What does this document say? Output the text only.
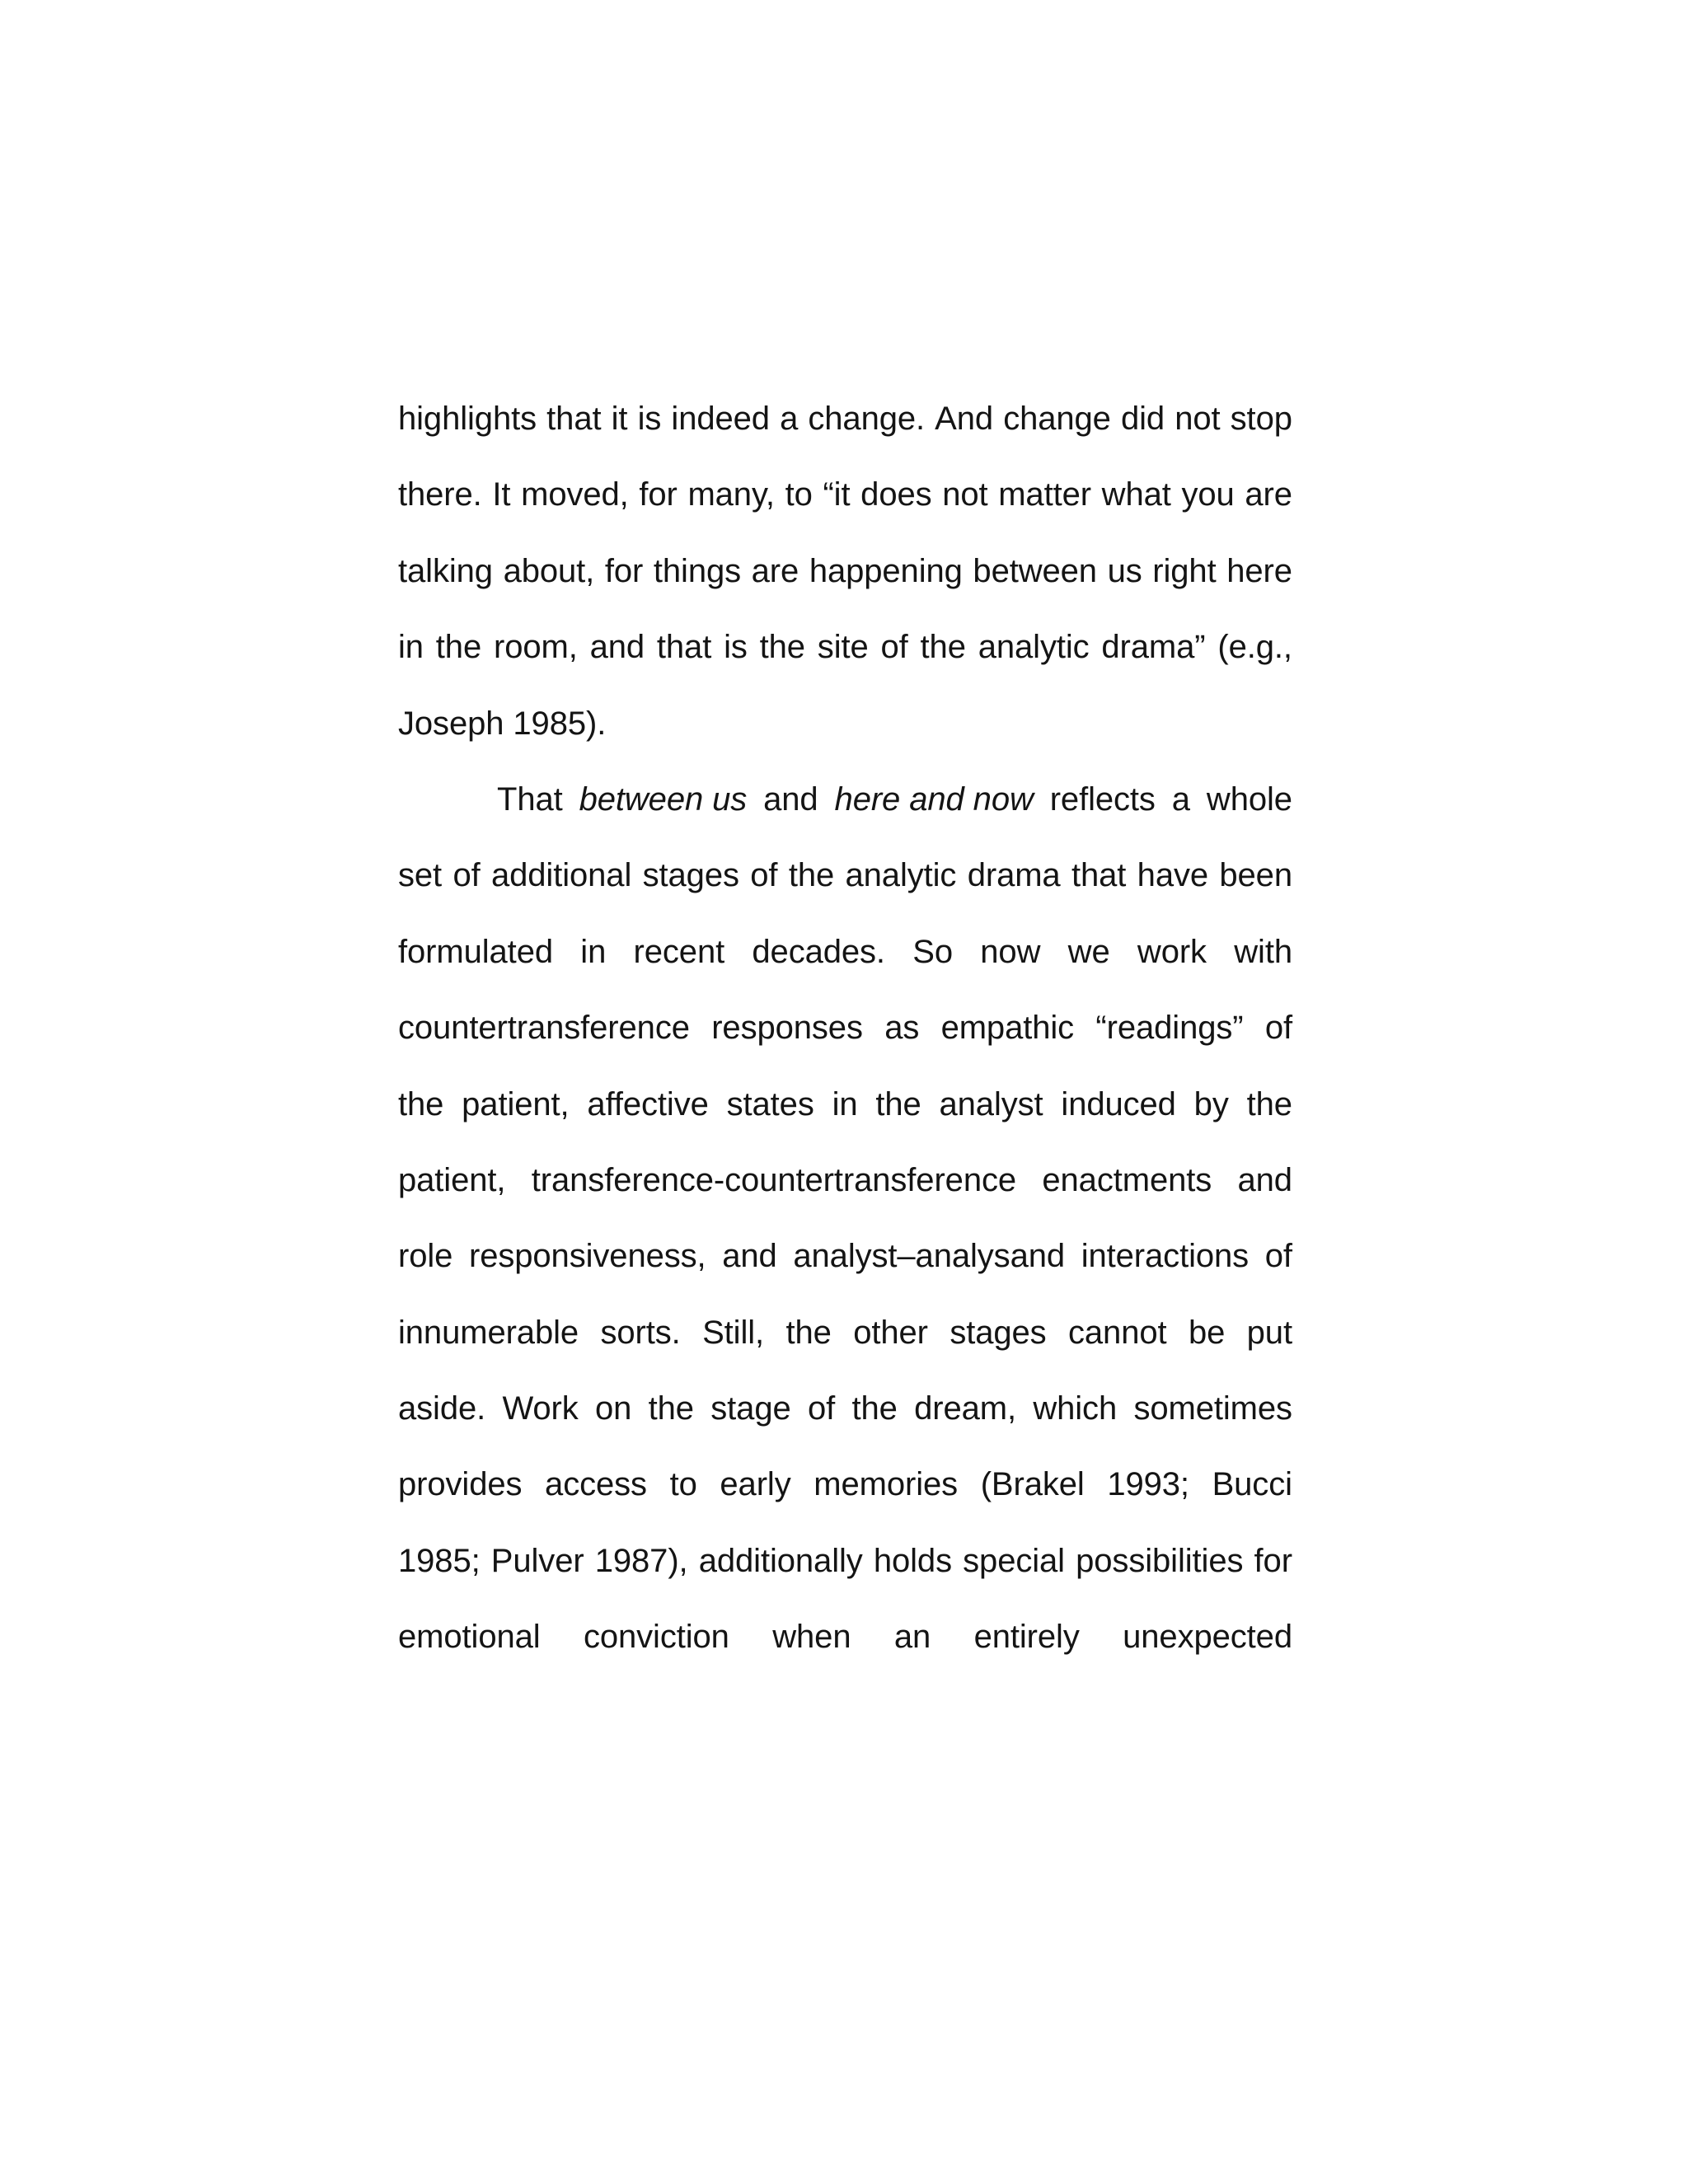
highlights that it is indeed a change. And change did not stop
there. It moved, for many, to “it does not matter what you are
talking about, for things are happening between us right here
in the room, and that is the site of the analytic drama” (e.g.,
Joseph 1985).
That between us and here and now reflects a whole
set of additional stages of the analytic drama that have been
formulated in recent decades. So now we work with
countertransference responses as empathic “readings” of
the patient, affective states in the analyst induced by the
patient, transference-countertransference enactments and
role responsiveness, and analyst–analysand interactions of
innumerable sorts. Still, the other stages cannot be put
aside. Work on the stage of the dream, which sometimes
provides access to early memories (Brakel 1993; Bucci
1985; Pulver 1987), additionally holds special possibilities for
emotional conviction when an entirely unexpected
